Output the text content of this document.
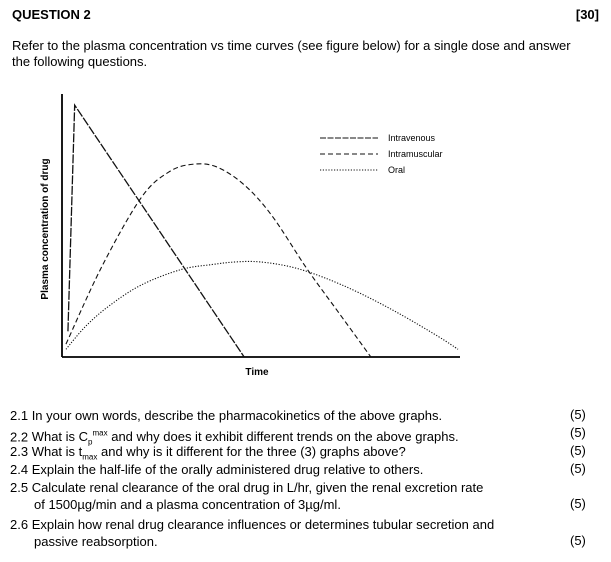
QUESTION 2	[30]
Refer to the plasma concentration vs time curves (see figure below) for a single dose and answer the following questions.
Intravenous
Intramuscular
Oral
Time
Plasma concentration of drug
2.1 In your own words, describe the pharmacokinetics of the above graphs.	(5)
2.2 What is $C_p^{max}$ and why does it exhibit different trends on the above graphs.	(5)
2.3 What is $t_{max}$ and why is it different for the three (3) graphs above?	(5)
2.4 Explain the half-life of the orally administered drug relative to others.	(5)
2.5 Calculate renal clearance of the oral drug in L/hr, given the renal excretion rate
of 1500µg/min and a plasma concentration of 3µg/ml.	(5)
2.6 Explain how renal drug clearance influences or determines tubular secretion and
passive reabsorption.	(5)
